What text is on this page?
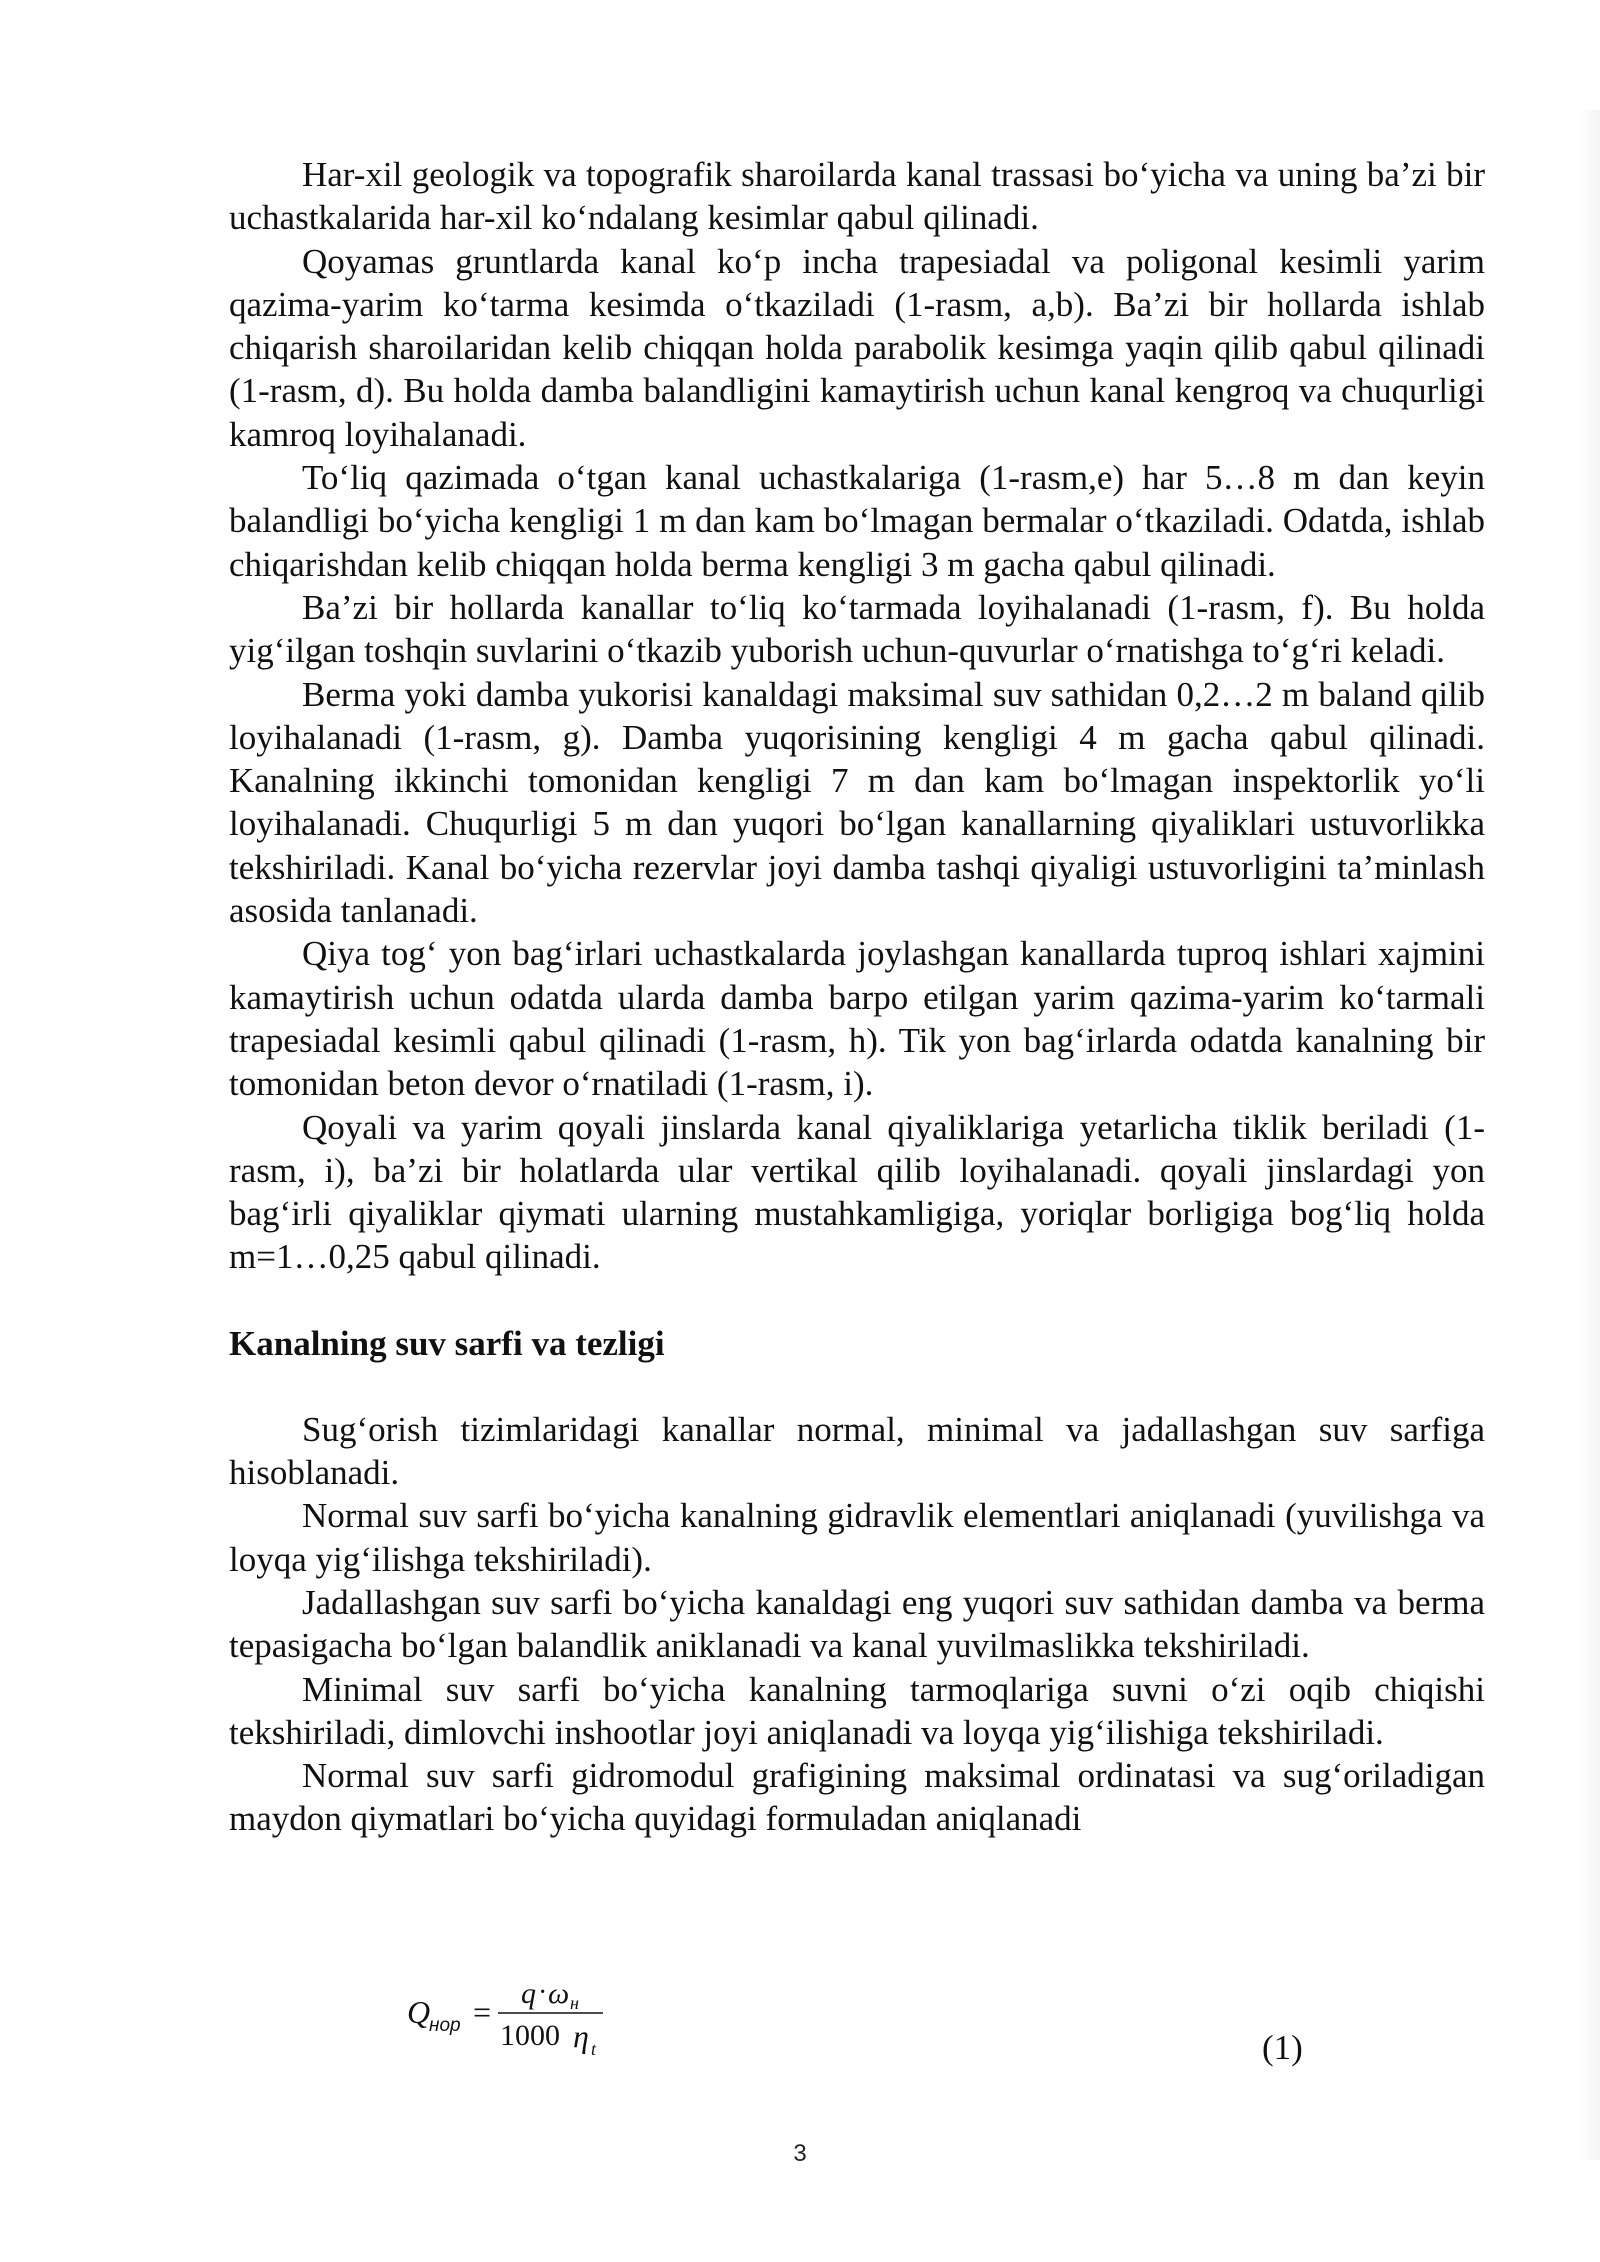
Har-xil geologik va topografik sharoilarda kanal trassasi bo‘yicha va uning ba’zi bir uchastkalarida har-xil ko‘ndalang kesimlar qabul qilinadi.

Qoyamas gruntlarda kanal ko‘p incha trapesiadal va poligonal kesimli yarim qazima-yarim ko‘tarma kesimda o‘tkaziladi (1-rasm, a,b). Ba’zi bir hollarda ishlab chiqarish sharoilaridan kelib chiqqan holda parabolik kesimga yaqin qilib qabul qilinadi (1-rasm, d). Bu holda damba balandligini kamaytirish uchun kanal kengroq va chuqurligi kamroq loyihalanadi.

To‘liq qazimada o‘tgan kanal uchastkalariga (1-rasm,e) har 5…8 m dan keyin balandligi bo‘yicha kengligi 1 m dan kam bo‘lmagan bermalar o‘tkaziladi. Odatda, ishlab chiqarishdan kelib chiqqan holda berma kengligi 3 m gacha qabul qilinadi.

Ba’zi bir hollarda kanallar to‘liq ko‘tarmada loyihalanadi (1-rasm, f). Bu holda yig‘ilgan toshqin suvlarini o‘tkazib yuborish uchun-quvurlar o‘rnatishga to‘g‘ri keladi.

Berma yoki damba yukorisi kanaldagi maksimal suv sathidan 0,2…2 m baland qilib loyihalanadi (1-rasm, g). Damba yuqorisining kengligi 4 m gacha qabul qilinadi. Kanalning ikkinchi tomonidan kengligi 7 m dan kam bo‘lmagan inspektorlik yo‘li loyihalanadi. Chuqurligi 5 m dan yuqori bo‘lgan kanallarning qiyaliklari ustuvorlikka tekshiriladi. Kanal bo‘yicha rezervlar joyi damba tashqi qiyaligi ustuvorligini ta’minlash asosida tanlanadi.

Qiya tog‘ yon bag‘irlari uchastkalarda joylashgan kanallarda tuproq ishlari xajmini kamaytirish uchun odatda ularda damba barpo etilgan yarim qazima-yarim ko‘tarmali trapesiadal kesimli qabul qilinadi (1-rasm, h). Tik yon bag‘irlarda odatda kanalning bir tomonidan beton devor o‘rnatiladi (1-rasm, i).

Qoyali va yarim qoyali jinslarda kanal qiyaliklariga yetarlicha tiklik beriladi (1-rasm, i), ba’zi bir holatlarda ular vertikal qilib loyihalanadi. qoyali jinslardagi yon bag‘irli qiyaliklar qiymati ularning mustahkamligiga, yoriqlar borligiga bog‘liq holda m=1…0,25 qabul qilinadi.

Kanalning suv sarfi va tezligi

Sug‘orish tizimlaridagi kanallar normal, minimal va jadallashgan suv sarfiga hisoblanadi.

Normal suv sarfi bo‘yicha kanalning gidravlik elementlari aniqlanadi (yuvilishga va loyqa yig‘ilishga tekshiriladi).

Jadallashgan suv sarfi bo‘yicha kanaldagi eng yuqori suv sathidan damba va berma tepasigacha bo‘lgan balandlik aniklanadi va kanal yuvilmaslikka tekshiriladi.

Minimal suv sarfi bo‘yicha kanalning tarmoqlariga suvni o‘zi oqib chiqishi tekshiriladi, dimlovchi inshootlar joyi aniqlanadi va loyqa yig‘ilishiga tekshiriladi.

Normal suv sarfi gidromodul grafigining maksimal ordinatasi va sug‘oriladigan maydon qiymatlari bo‘yicha quyidagi formuladan aniqlanadi

Q
нор =
q · ω н
1000 η t	(1)
3
